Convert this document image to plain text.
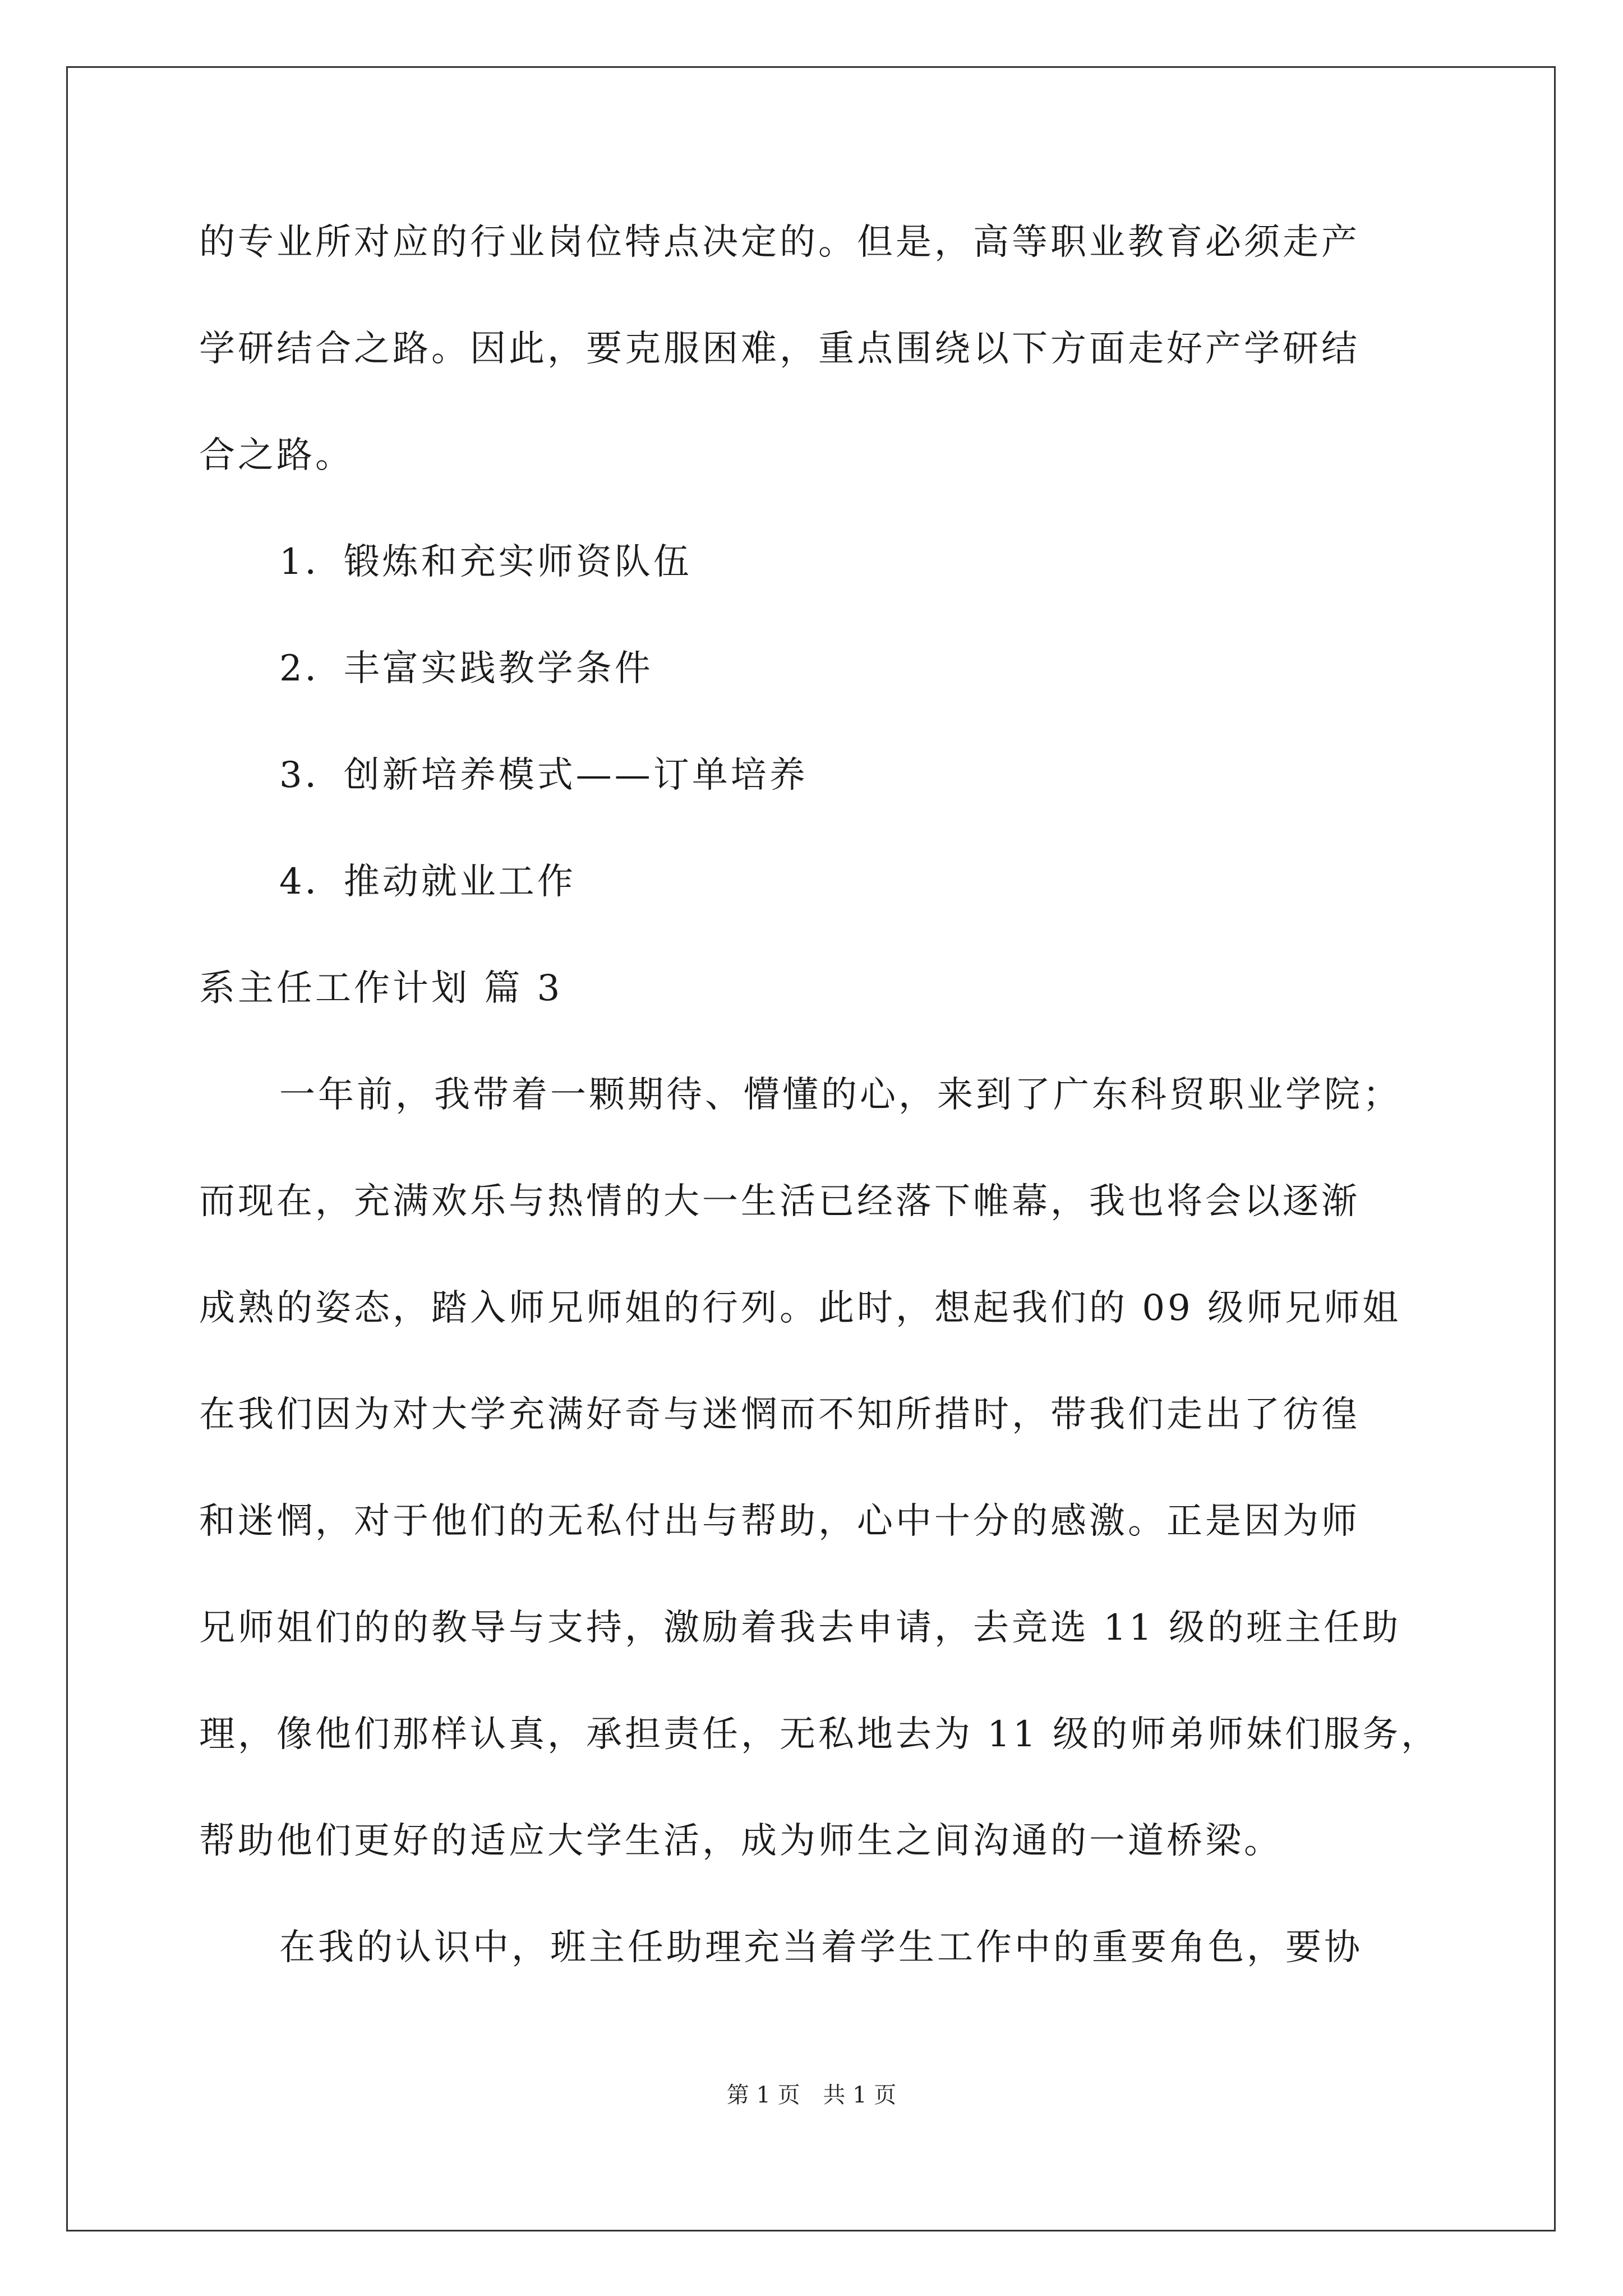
的专业所对应的行业岗位特点决定的。但是，高等职业教育必须走产
学研结合之路。因此，要克服困难，重点围绕以下方面走好产学研结
合之路。
1．锻炼和充实师资队伍
2．丰富实践教学条件
3．创新培养模式——订单培养
4．推动就业工作
系主任工作计划 篇 3
一年前，我带着一颗期待、懵懂的心，来到了广东科贸职业学院；
而现在，充满欢乐与热情的大一生活已经落下帷幕，我也将会以逐渐
成熟的姿态，踏入师兄师姐的行列。此时，想起我们的 09 级师兄师姐
在我们因为对大学充满好奇与迷惘而不知所措时，带我们走出了彷徨
和迷惘，对于他们的无私付出与帮助，心中十分的感激。正是因为师
兄师姐们的的教导与支持，激励着我去申请，去竞选 11 级的班主任助
理，像他们那样认真，承担责任，无私地去为 11 级的师弟师妹们服务，
帮助他们更好的适应大学生活，成为师生之间沟通的一道桥梁。
在我的认识中，班主任助理充当着学生工作中的重要角色，要协
第 1 页 共 1 页
